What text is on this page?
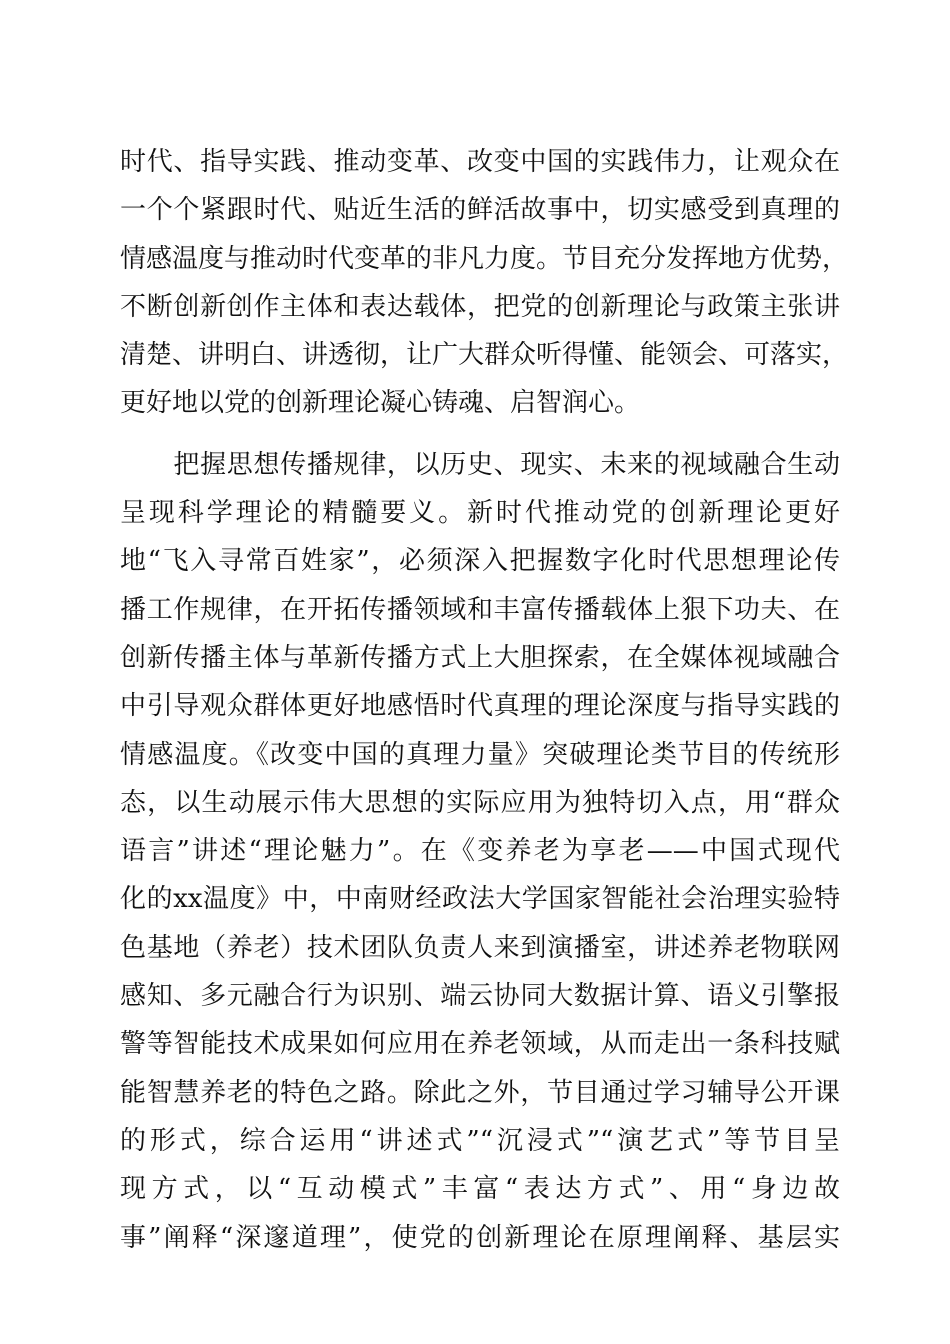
时代、指导实践、推动变革、改变中国的实践伟力，让观众在
一个个紧跟时代、贴近生活的鲜活故事中，切实感受到真理的
情感温度与推动时代变革的非凡力度。节目充分发挥地方优势，
不断创新创作主体和表达载体，把党的创新理论与政策主张讲
清楚、讲明白、讲透彻，让广大群众听得懂、能领会、可落实，
更好地以党的创新理论凝心铸魂、启智润心。
　　把握思想传播规律，以历史、现实、未来的视域融合生动
呈现科学理论的精髓要义。新时代推动党的创新理论更好
地“飞入寻常百姓家”，必须深入把握数字化时代思想理论传
播工作规律，在开拓传播领域和丰富传播载体上狠下功夫、在
创新传播主体与革新传播方式上大胆探索，在全媒体视域融合
中引导观众群体更好地感悟时代真理的理论深度与指导实践的
情感温度。《改变中国的真理力量》突破理论类节目的传统形
态，以生动展示伟大思想的实际应用为独特切入点，用“群众
语言”讲述“理论魅力”。在《变养老为享老——中国式现代
化的xx温度》中，中南财经政法大学国家智能社会治理实验特
色基地（养老）技术团队负责人来到演播室，讲述养老物联网
感知、多元融合行为识别、端云协同大数据计算、语义引擎报
警等智能技术成果如何应用在养老领域，从而走出一条科技赋
能智慧养老的特色之路。除此之外，节目通过学习辅导公开课
的形式，综合运用“讲述式”“沉浸式”“演艺式”等节目呈
现方式，以“互动模式”丰富“表达方式”、用“身边故
事”阐释“深邃道理”，使党的创新理论在原理阐释、基层实
